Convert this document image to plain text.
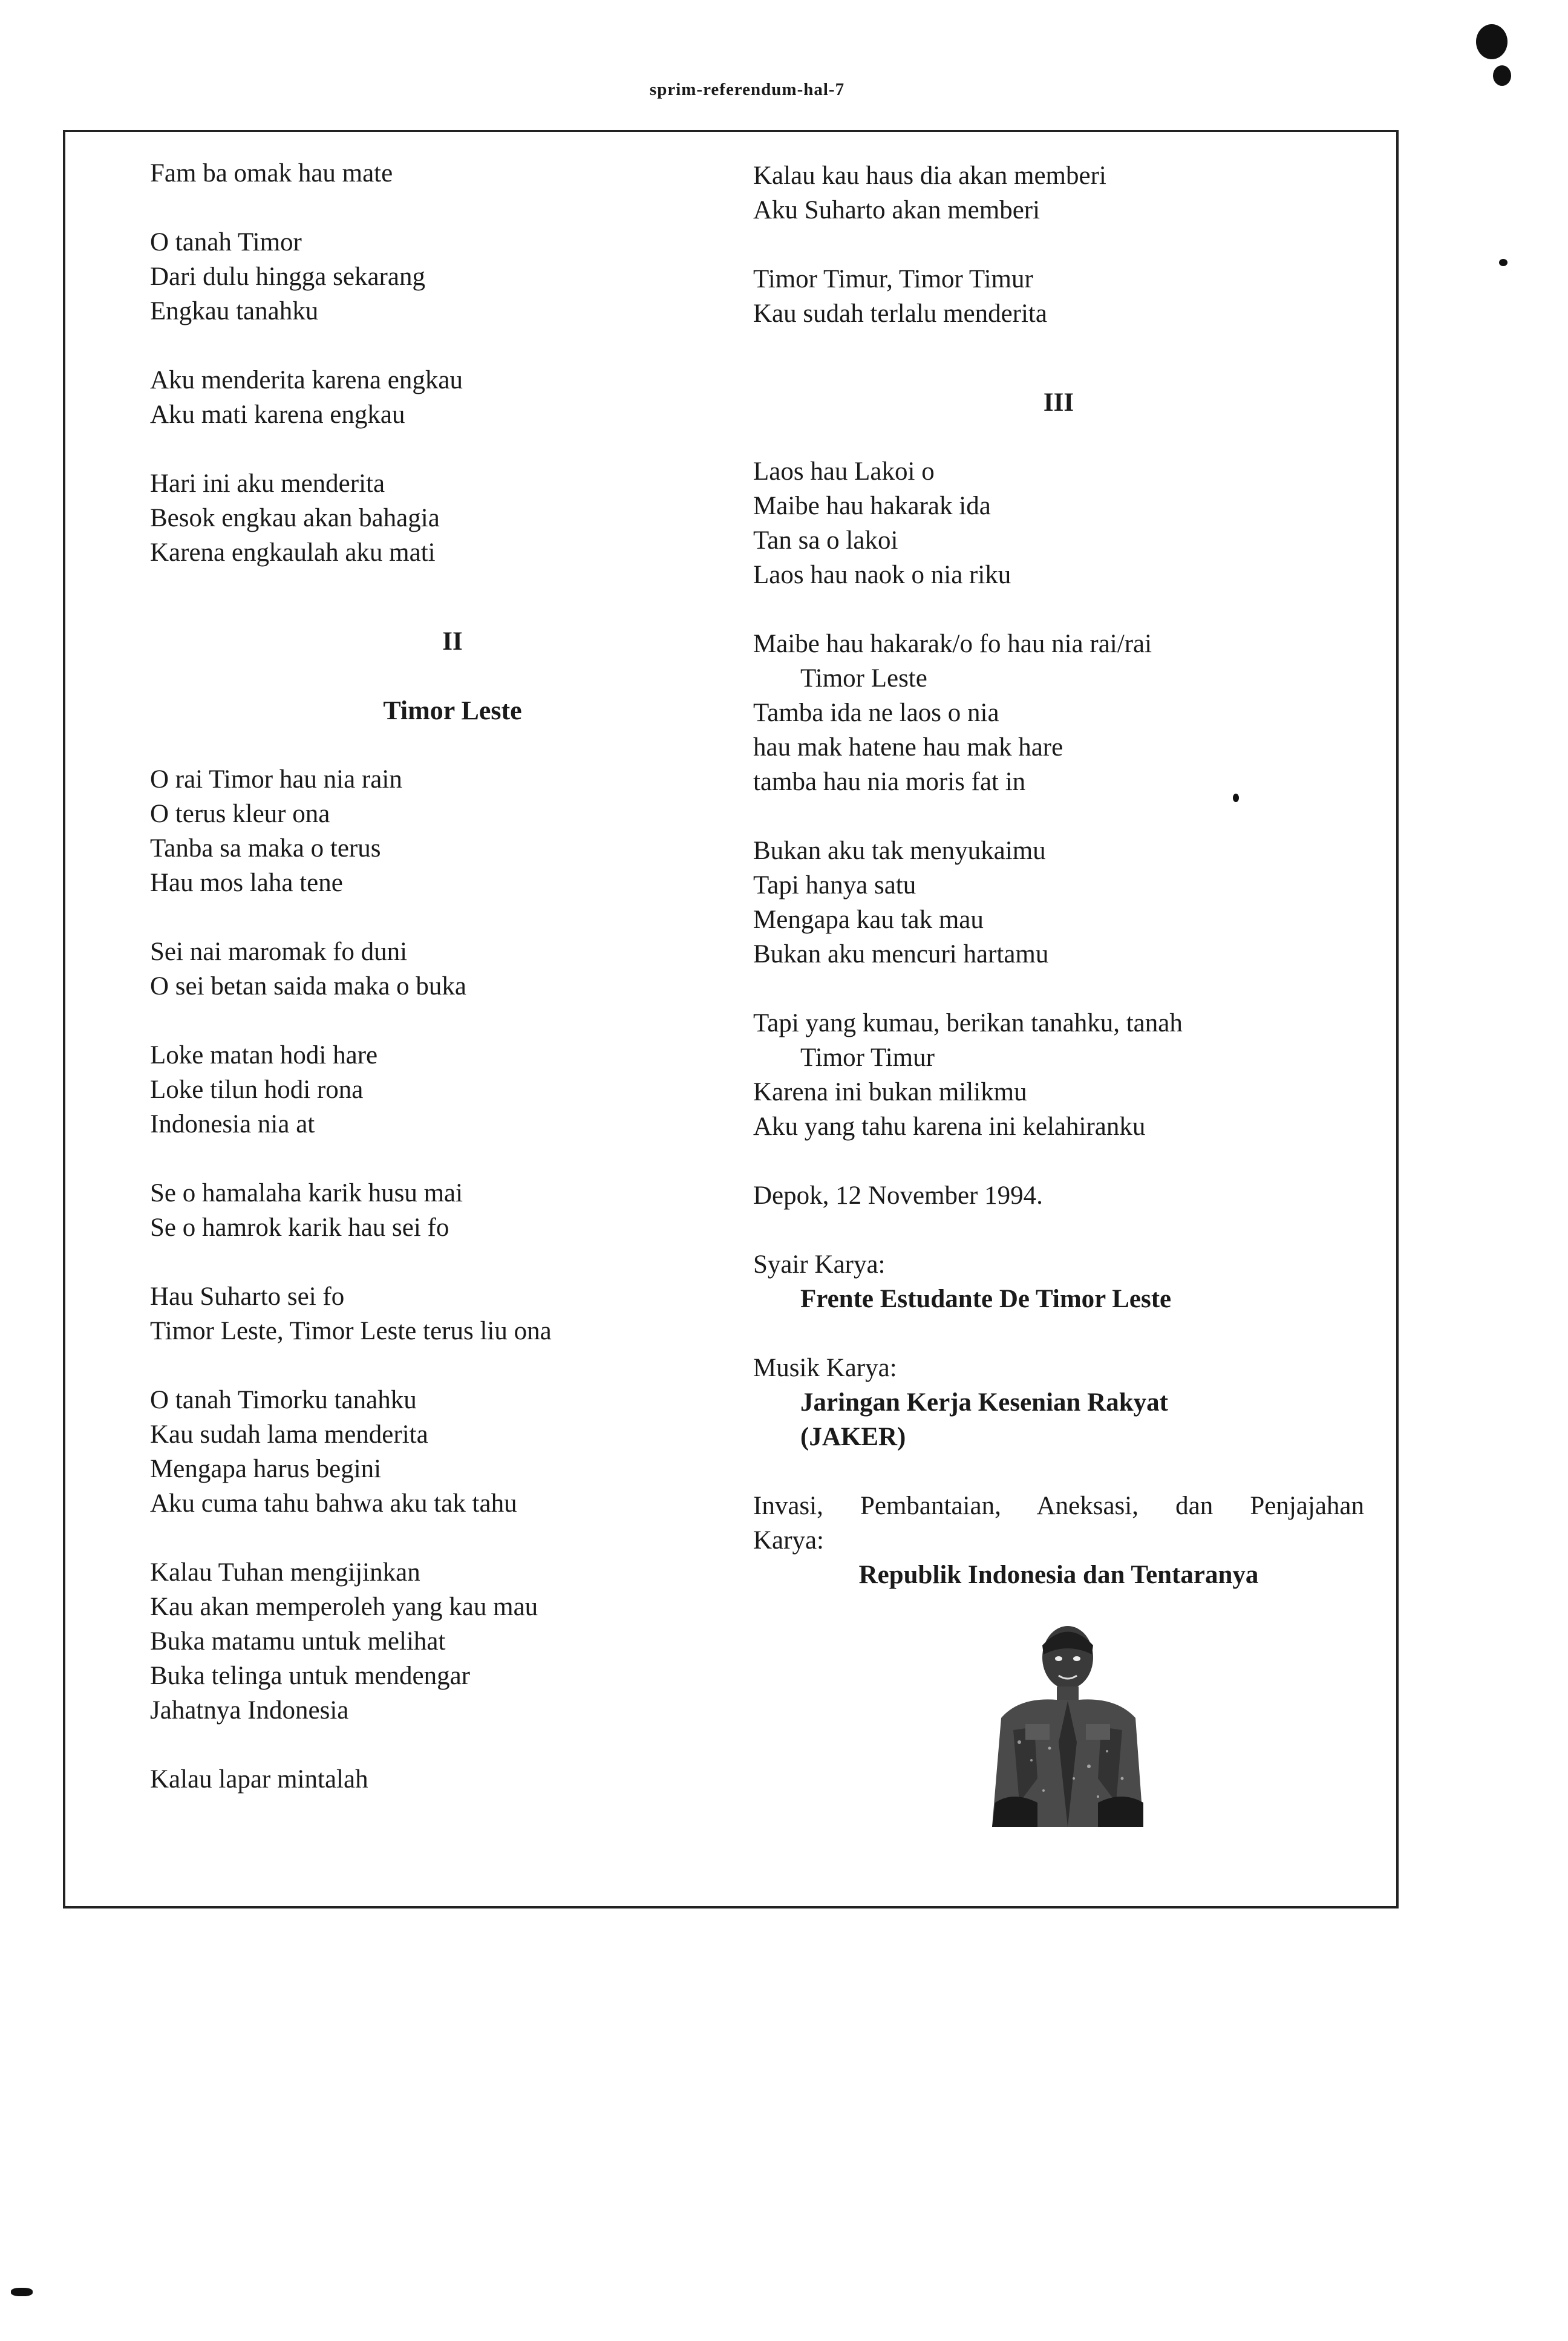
sprim-referendum-hal-7
Fam ba omak hau mate
O tanah Timor
Dari dulu hingga sekarang
Engkau tanahku
Aku menderita karena engkau
Aku mati karena engkau
Hari ini aku menderita
Besok engkau akan bahagia
Karena engkaulah aku mati
II
Timor Leste
O rai Timor hau nia rain
O terus kleur ona
Tanba sa maka o terus
Hau mos laha tene
Sei nai maromak fo duni
O sei betan saida maka o buka
Loke matan hodi hare
Loke tilun hodi rona
Indonesia nia at
Se o hamalaha karik husu mai
Se o hamrok karik hau sei fo
Hau Suharto sei fo
Timor Leste, Timor Leste terus liu ona
O tanah Timorku tanahku
Kau sudah lama menderita
Mengapa harus begini
Aku cuma tahu bahwa aku tak tahu
Kalau Tuhan mengijinkan
Kau akan memperoleh yang kau mau
Buka matamu untuk melihat
Buka telinga untuk mendengar
Jahatnya Indonesia
Kalau lapar mintalah
Kalau kau haus dia akan memberi
Aku Suharto akan memberi
Timor Timur, Timor Timur
Kau sudah terlalu menderita
III
Laos hau Lakoi o
Maibe hau hakarak ida
Tan sa o lakoi
Laos hau naok o nia riku
Maibe hau hakarak/o fo hau nia rai/rai
Timor Leste
Tamba ida ne laos o nia
hau mak hatene hau mak hare
tamba hau nia moris fat in
Bukan aku tak menyukaimu
Tapi hanya satu
Mengapa kau tak mau
Bukan aku mencuri hartamu
Tapi yang kumau, berikan tanahku, tanah
Timor Timur
Karena ini bukan milikmu
Aku yang tahu karena ini kelahiranku
Depok, 12 November 1994.
Syair Karya:
Frente Estudante De Timor Leste
Musik Karya:
Jaringan Kerja Kesenian Rakyat
(JAKER)
Invasi, Pembantaian, Aneksasi, dan Penjajahan
Karya:
Republik Indonesia dan Tentaranya
